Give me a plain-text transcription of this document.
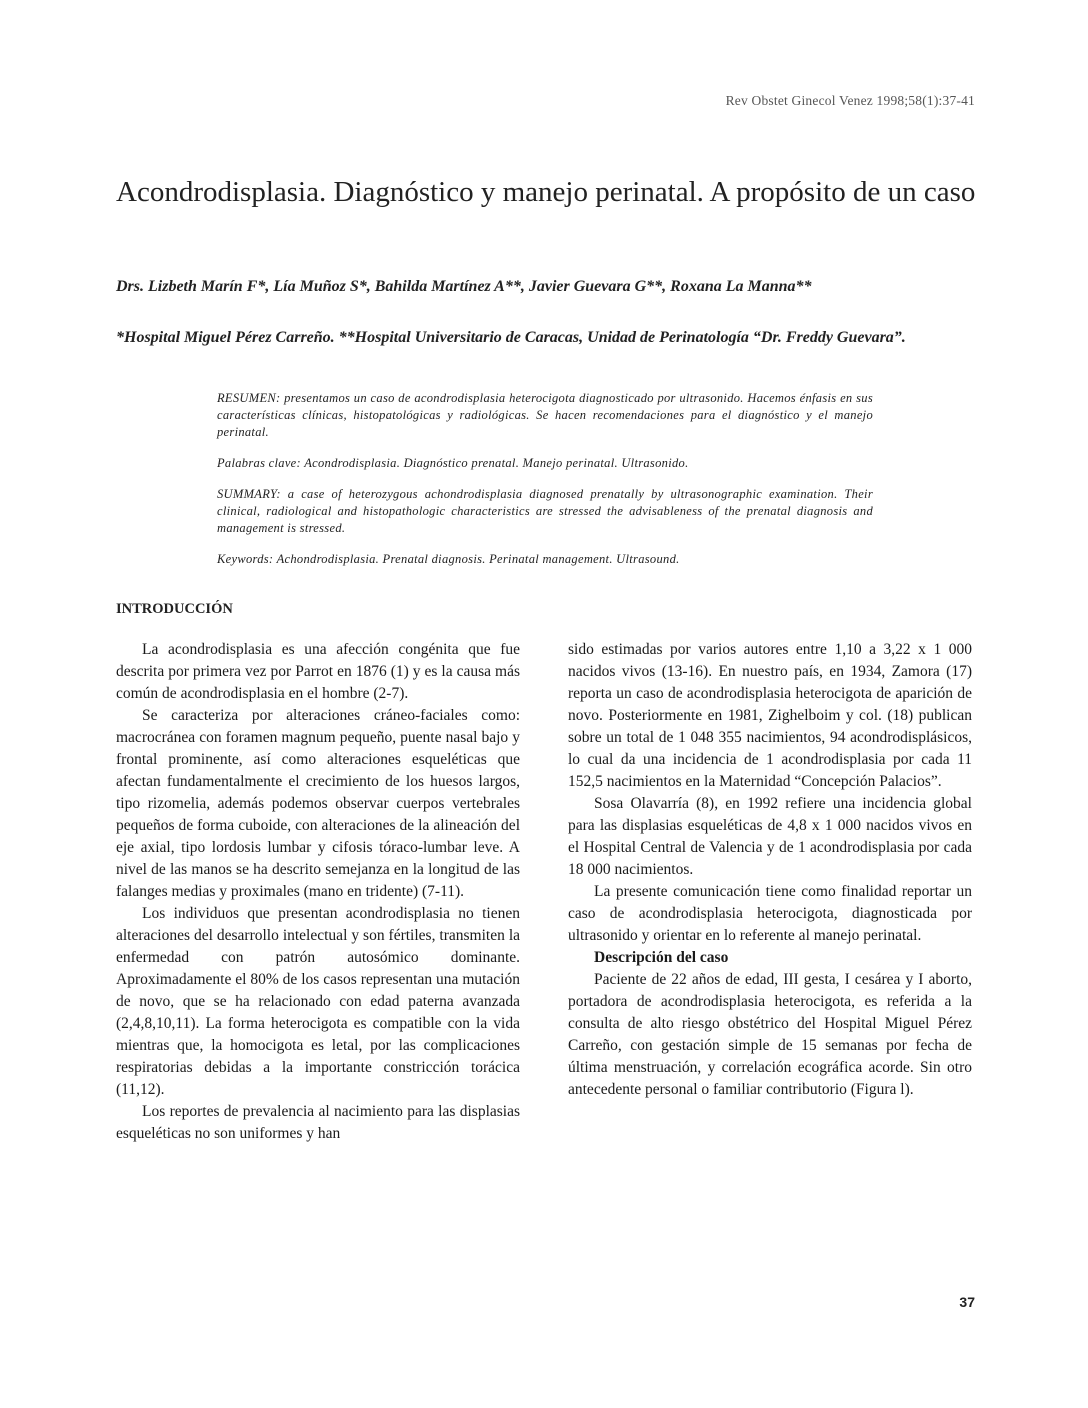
Rev Obstet Ginecol Venez 1998;58(1):37-41
Acondrodisplasia. Diagnóstico y manejo perinatal. A propósito de un caso
Drs. Lizbeth Marín F*, Lía Muñoz S*, Bahilda Martínez A**, Javier Guevara G**, Roxana La Manna**
*Hospital Miguel Pérez Carreño. **Hospital Universitario de Caracas, Unidad de Perinatología “Dr. Freddy Guevara”.

RESUMEN: presentamos un caso de acondrodisplasia heterocigota diagnosticado por ultrasonido. Hacemos énfasis en sus características clínicas, histopatológicas y radiológicas. Se hacen recomendaciones para el diagnóstico y el manejo perinatal.

Palabras clave: Acondrodisplasia. Diagnóstico prenatal. Manejo perinatal. Ultrasonido.

SUMMARY: a case of heterozygous achondrodisplasia diagnosed prenatally by ultrasonographic examination. Their clinical, radiological and histopathologic characteristics are stressed the advisableness of the prenatal diagnosis and management is stressed.

Keywords: Achondrodisplasia. Prenatal diagnosis. Perinatal management. Ultrasound.

INTRODUCCIÓN

La acondrodisplasia es una afección congénita que fue descrita por primera vez por Parrot en 1876 (1) y es la causa más común de acondrodisplasia en el hombre (2-7).

Se caracteriza por alteraciones cráneo-faciales como: macrocránea con foramen magnum pequeño, puente nasal bajo y frontal prominente, así como alteraciones esqueléticas que afectan fundamentalmente el crecimiento de los huesos largos, tipo rizomelia, además podemos observar cuerpos vertebrales pequeños de forma cuboide, con alteraciones de la alineación del eje axial, tipo lordosis lumbar y cifosis tóraco-lumbar leve. A nivel de las manos se ha descrito semejanza en la longitud de las falanges medias y proximales (mano en tridente) (7-11).

Los individuos que presentan acondrodisplasia no tienen alteraciones del desarrollo intelectual y son fértiles, transmiten la enfermedad con patrón autosómico dominante. Aproximadamente el 80% de los casos representan una mutación de novo, que se ha relacionado con edad paterna avanzada (2,4,8,10,11). La forma heterocigota es compatible con la vida mientras que, la homocigota es letal, por las complicaciones respiratorias debidas a la importante constricción torácica (11,12).

Los reportes de prevalencia al nacimiento para las displasias esqueléticas no son uniformes y han

sido estimadas por varios autores entre 1,10 a 3,22 x 1 000 nacidos vivos (13-16). En nuestro país, en 1934, Zamora (17) reporta un caso de acondrodisplasia heterocigota de aparición de novo. Posteriormente en 1981, Zighelboim y col. (18) publican sobre un total de 1 048 355 nacimientos, 94 acondrodisplásicos, lo cual da una incidencia de 1 acondrodisplasia por cada 11 152,5 nacimientos en la Maternidad “Concepción Palacios”.

Sosa Olavarría (8), en 1992 refiere una incidencia global para las displasias esqueléticas de 4,8 x 1 000 nacidos vivos en el Hospital Central de Valencia y de 1 acondrodisplasia por cada 18 000 nacimientos.

La presente comunicación tiene como finalidad reportar un caso de acondrodisplasia heterocigota, diagnosticada por ultrasonido y orientar en lo referente al manejo perinatal.

Descripción del caso

Paciente de 22 años de edad, III gesta, I cesárea y I aborto, portadora de acondrodisplasia heterocigota, es referida a la consulta de alto riesgo obstétrico del Hospital Miguel Pérez Carreño, con gestación simple de 15 semanas por fecha de última menstruación, y correlación ecográfica acorde. Sin otro antecedente personal o familiar contributorio (Figura l).

37
